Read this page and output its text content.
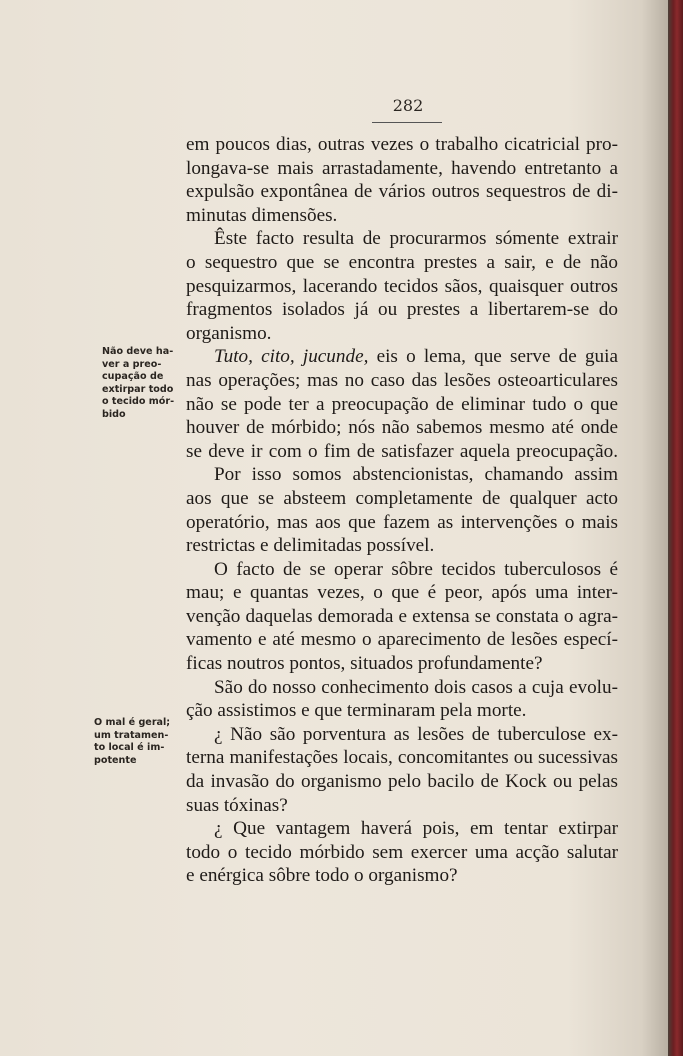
282
Não deve ha-
ver a preo-
cupação de
extirpar todo
o tecido mór-
bido
O mal é geral;
um tratamen-
to local é im-
potente
em poucos dias, outras vezes o trabalho cicatricial pro-
longava-se mais arrastadamente, havendo entretanto a
expulsão expontânea de vários outros sequestros de di-
minutas dimensões.
Êste facto resulta de procurarmos sómente extrair
o sequestro que se encontra prestes a sair, e de não
pesquizarmos, lacerando tecidos sãos, quaisquer outros
fragmentos isolados já ou prestes a libertarem-se do
organismo.
Tuto, cito, jucunde, eis o lema, que serve de guia
nas operações; mas no caso das lesões osteoarticulares
não se pode ter a preocupação de eliminar tudo o que
houver de mórbido; nós não sabemos mesmo até onde
se deve ir com o fim de satisfazer aquela preocupação.
Por isso somos abstencionistas, chamando assim
aos que se absteem completamente de qualquer acto
operatório, mas aos que fazem as intervenções o mais
restrictas e delimitadas possível.
O facto de se operar sôbre tecidos tuberculosos é
mau; e quantas vezes, o que é peor, após uma inter-
venção daquelas demorada e extensa se constata o agra-
vamento e até mesmo o aparecimento de lesões especí-
ficas noutros pontos, situados profundamente?
São do nosso conhecimento dois casos a cuja evolu-
ção assistimos e que terminaram pela morte.
¿ Não são porventura as lesões de tuberculose ex-
terna manifestações locais, concomitantes ou sucessivas
da invasão do organismo pelo bacilo de Kock ou pelas
suas tóxinas?
¿ Que vantagem haverá pois, em tentar extirpar
todo o tecido mórbido sem exercer uma acção salutar
e enérgica sôbre todo o organismo?
